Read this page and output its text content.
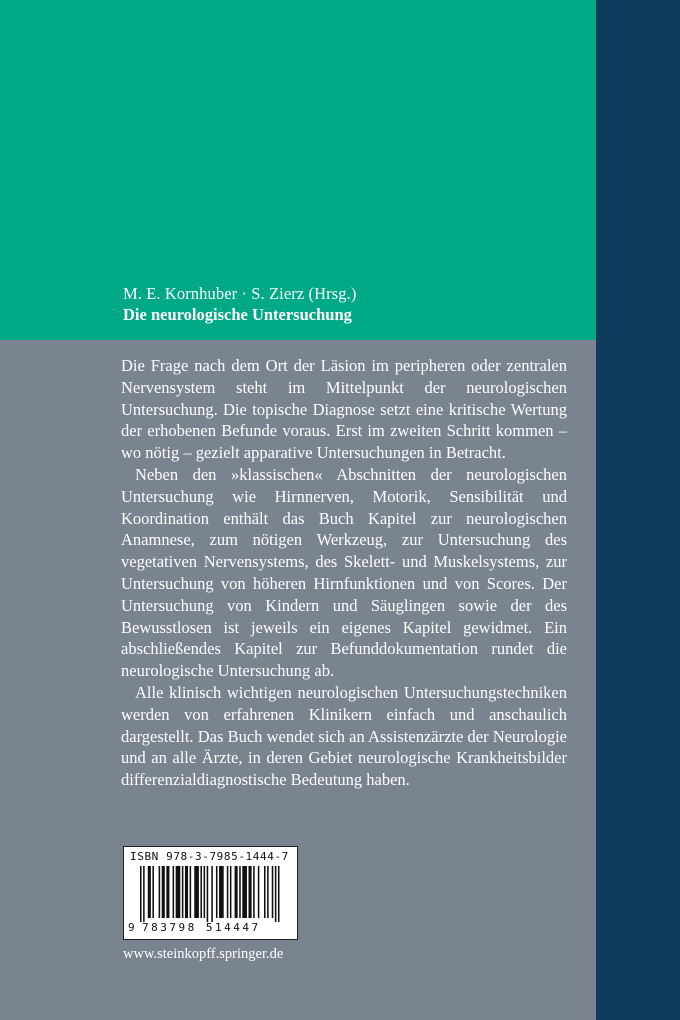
M. E. Kornhuber · S. Zierz (Hrsg.)

Die neurologische Untersuchung

Die Frage nach dem Ort der Läsion im peripheren oder zentralen Nervensystem steht im Mittelpunkt der neurologischen Untersuchung. Die topische Diagnose setzt eine kritische Wertung der erhobenen Befunde voraus. Erst im zweiten Schritt kommen – wo nötig – gezielt apparative Untersuchungen in Betracht.

Neben den »klassischen« Abschnitten der neurologischen Untersuchung wie Hirnnerven, Motorik, Sensibilität und Koordination enthält das Buch Kapitel zur neurologischen Anamnese, zum nötigen Werkzeug, zur Untersuchung des vegetativen Nervensystems, des Skelett- und Muskelsystems, zur Untersuchung von höheren Hirnfunktionen und von Scores. Der Untersuchung von Kindern und Säuglingen sowie der des Bewusstlosen ist jeweils ein eigenes Kapitel gewidmet. Ein abschließendes Kapitel zur Befunddokumentation rundet die neurologische Untersuchung ab.

Alle klinisch wichtigen neurologischen Untersuchungstechniken werden von erfahrenen Klinikern einfach und anschaulich dargestellt. Das Buch wendet sich an Assistenzärzte der Neurologie und an alle Ärzte, in deren Gebiet neurologische Krankheitsbilder differenzialdiagnostische Bedeutung haben.

ISBN 978-3-7985-1444-7

9 783798 514447

www.steinkopff.springer.de
